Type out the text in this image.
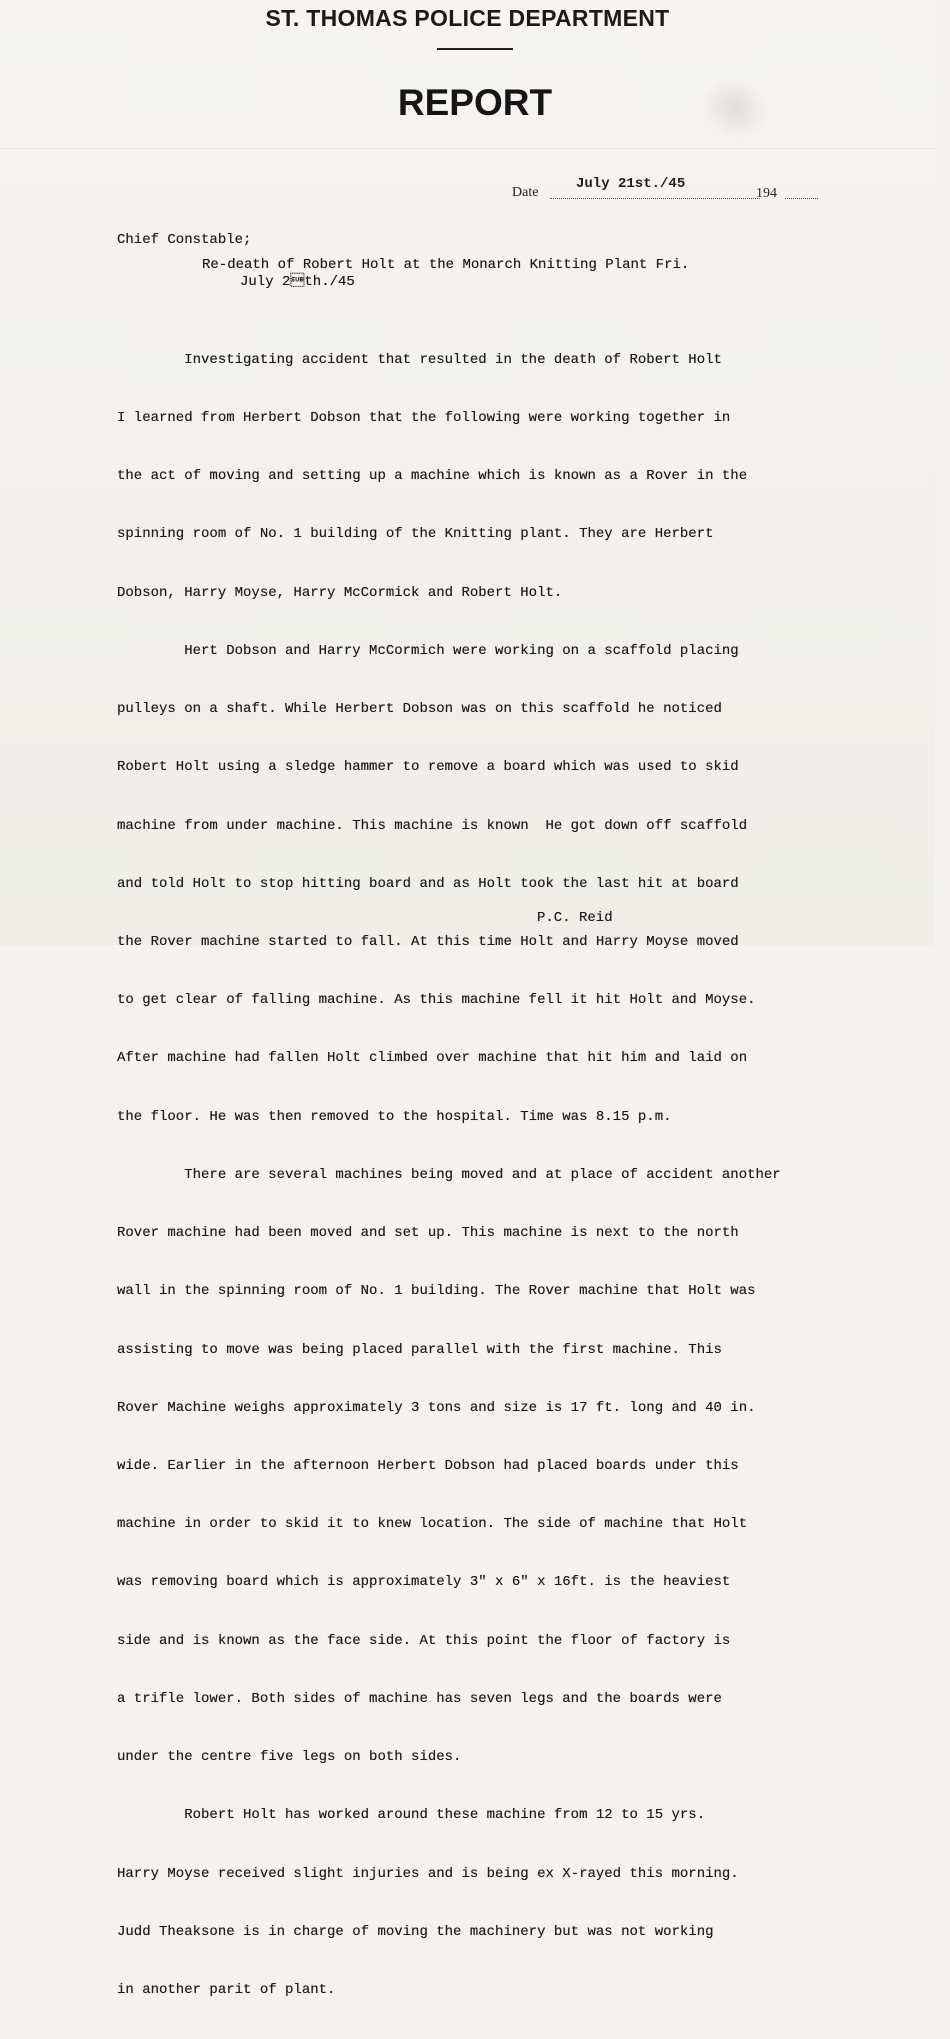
ST. THOMAS POLICE DEPARTMENT
REPORT
Date
July 21st./45
194
Chief Constable;
Re-death of Robert Holt at the Monarch Knitting Plant Fri.
July 2th./45

Investigating accident that resulted in the death of Robert Holt

I learned from Herbert Dobson that the following were working together in

the act of moving and setting up a machine which is known as a Rover in the

spinning room of No. 1 building of the Knitting plant. They are Herbert

Dobson, Harry Moyse, Harry McCormick and Robert Holt.

Hert Dobson and Harry McCormich were working on a scaffold placing

pulleys on a shaft. While Herbert Dobson was on this scaffold he noticed

Robert Holt using a sledge hammer to remove a board which was used to skid

machine from under machine. This machine is known  He got down off scaffold

and told Holt to stop hitting board and as Holt took the last hit at board

the Rover machine started to fall. At this time Holt and Harry Moyse moved

to get clear of falling machine. As this machine fell it hit Holt and Moyse.

After machine had fallen Holt climbed over machine that hit him and laid on

the floor. He was then removed to the hospital. Time was 8.15 p.m.

There are several machines being moved and at place of accident another

Rover machine had been moved and set up. This machine is next to the north

wall in the spinning room of No. 1 building. The Rover machine that Holt was

assisting to move was being placed parallel with the first machine. This

Rover Machine weighs approximately 3 tons and size is 17 ft. long and 40 in.

wide. Earlier in the afternoon Herbert Dobson had placed boards under this

machine in order to skid it to knew location. The side of machine that Holt

was removing board which is approximately 3" x 6" x 16ft. is the heaviest

side and is known as the face side. At this point the floor of factory is

a trifle lower. Both sides of machine has seven legs and the boards were

under the centre five legs on both sides.

Robert Holt has worked around these machine from 12 to 15 yrs.

Harry Moyse received slight injuries and is being ex X-rayed this morning.

Judd Theaksone is in charge of moving the machinery but was not working

in another parit of plant.

P.C. Reid
